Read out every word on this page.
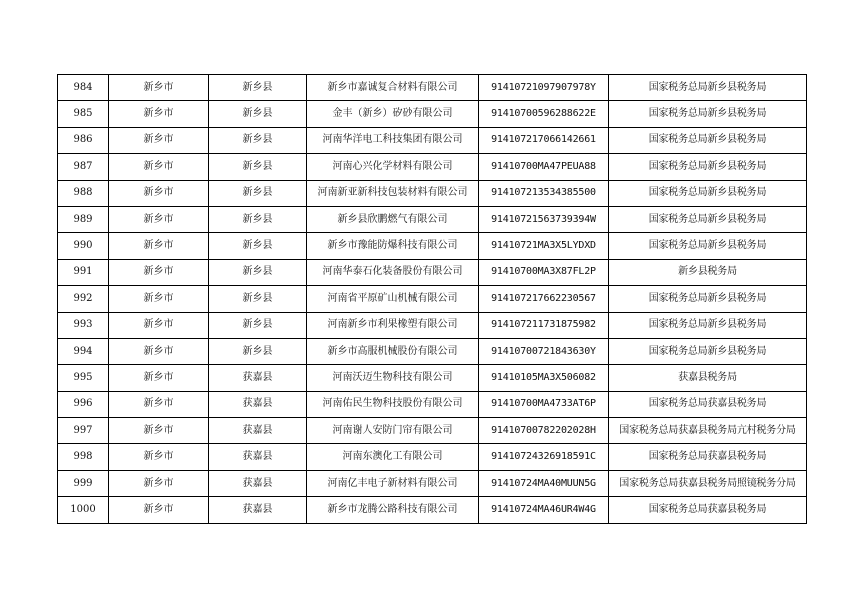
984	新乡市	新乡县	新乡市嘉诚复合材料有限公司	91410721097907978Y	国家税务总局新乡县税务局
985	新乡市	新乡县	金丰（新乡）矽砂有限公司	91410700596288622E	国家税务总局新乡县税务局
986	新乡市	新乡县	河南华洋电工科技集团有限公司	914107217066142661	国家税务总局新乡县税务局
987	新乡市	新乡县	河南心兴化学材料有限公司	91410700MA47PEUA88	国家税务总局新乡县税务局
988	新乡市	新乡县	河南新亚新科技包装材料有限公司	914107213534385500	国家税务总局新乡县税务局
989	新乡市	新乡县	新乡县欣鹏燃气有限公司	91410721563739394W	国家税务总局新乡县税务局
990	新乡市	新乡县	新乡市豫能防爆科技有限公司	91410721MA3X5LYDXD	国家税务总局新乡县税务局
991	新乡市	新乡县	河南华泰石化装备股份有限公司	91410700MA3X87FL2P	新乡县税务局
992	新乡市	新乡县	河南省平原矿山机械有限公司	914107217662230567	国家税务总局新乡县税务局
993	新乡市	新乡县	河南新乡市利果橡塑有限公司	914107211731875982	国家税务总局新乡县税务局
994	新乡市	新乡县	新乡市高服机械股份有限公司	91410700721843630Y	国家税务总局新乡县税务局
995	新乡市	获嘉县	河南沃迈生物科技有限公司	91410105MA3X506082	获嘉县税务局
996	新乡市	获嘉县	河南佑民生物科技股份有限公司	91410700MA4733AT6P	国家税务总局获嘉县税务局
997	新乡市	获嘉县	河南谢人安防门帘有限公司	91410700782202028H	国家税务总局获嘉县税务局亢村税务分局
998	新乡市	获嘉县	河南东澳化工有限公司	91410724326918591C	国家税务总局获嘉县税务局
999	新乡市	获嘉县	河南亿丰电子新材料有限公司	91410724MA40MUUN5G	国家税务总局获嘉县税务局照镜税务分局
1000	新乡市	获嘉县	新乡市龙腾公路科技有限公司	91410724MA46UR4W4G	国家税务总局获嘉县税务局
